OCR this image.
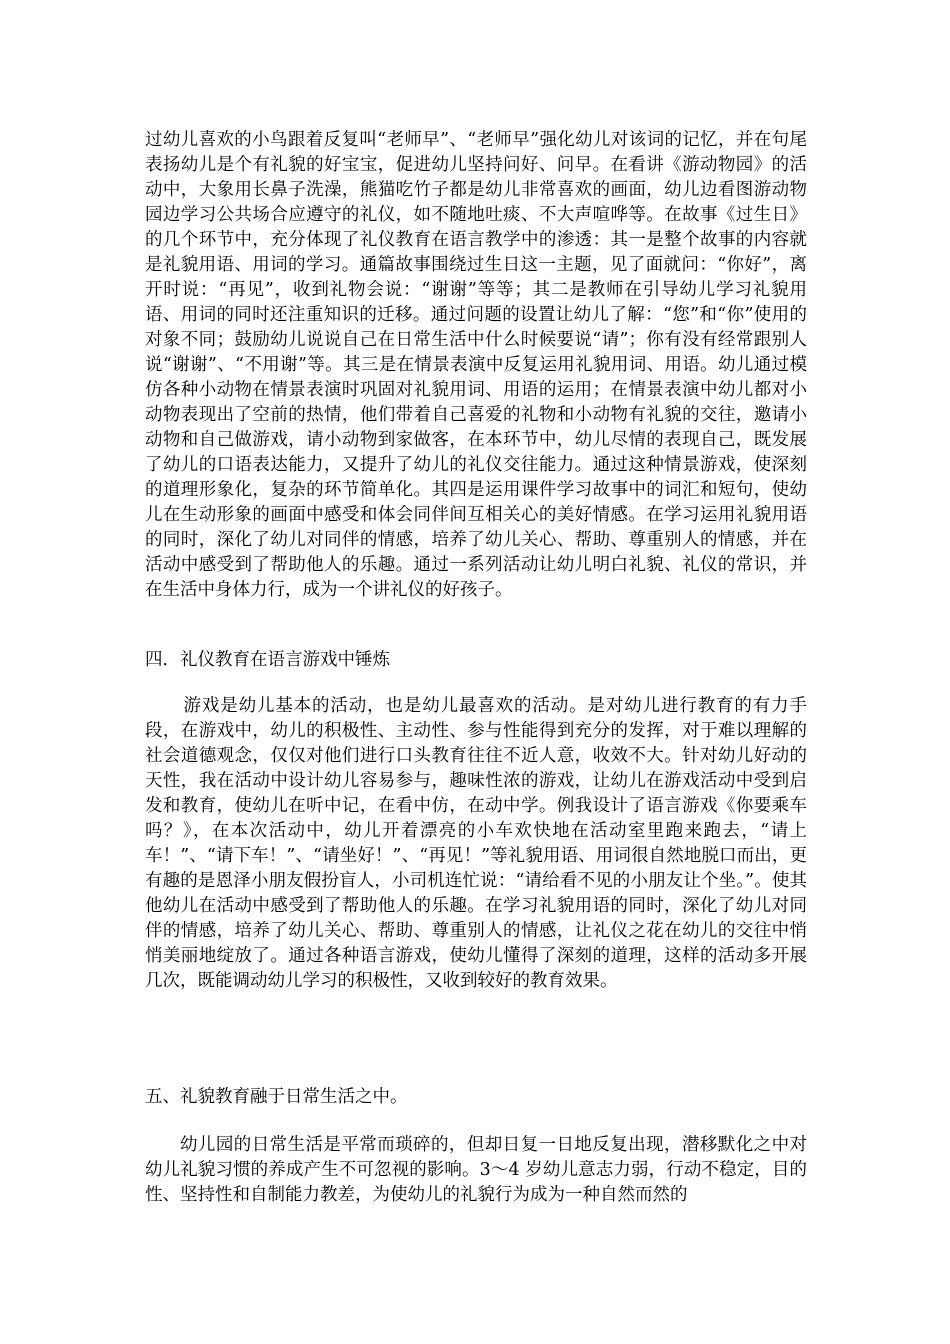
过幼儿喜欢的小鸟跟着反复叫“老师早”、“老师早”强化幼儿对该词的记忆，并在句尾表扬幼儿是个有礼貌的好宝宝，促进幼儿坚持问好、问早。在看讲《游动物园》的活动中，大象用长鼻子洗澡，熊猫吃竹子都是幼儿非常喜欢的画面，幼儿边看图游动物园边学习公共场合应遵守的礼仪，如不随地吐痰、不大声喧哗等。在故事《过生日》的几个环节中，充分体现了礼仪教育在语言教学中的渗透：其一是整个故事的内容就是礼貌用语、用词的学习。通篇故事围绕过生日这一主题，见了面就问：“你好”，离开时说：“再见”，收到礼物会说：“谢谢”等等；其二是教师在引导幼儿学习礼貌用语、用词的同时还注重知识的迁移。通过问题的设置让幼儿了解：“您”和“你”使用的对象不同；鼓励幼儿说说自己在日常生活中什么时候要说“请”；你有没有经常跟别人说“谢谢”、“不用谢”等。其三是在情景表演中反复运用礼貌用词、用语。幼儿通过模仿各种小动物在情景表演时巩固对礼貌用词、用语的运用；在情景表演中幼儿都对小动物表现出了空前的热情，他们带着自己喜爱的礼物和小动物有礼貌的交往，邀请小动物和自己做游戏，请小动物到家做客，在本环节中，幼儿尽情的表现自己，既发展了幼儿的口语表达能力，又提升了幼儿的礼仪交往能力。通过这种情景游戏，使深刻的道理形象化，复杂的环节简单化。其四是运用课件学习故事中的词汇和短句，使幼儿在生动形象的画面中感受和体会同伴间互相关心的美好情感。在学习运用礼貌用语的同时，深化了幼儿对同伴的情感，培养了幼儿关心、帮助、尊重别人的情感，并在活动中感受到了帮助他人的乐趣。通过一系列活动让幼儿明白礼貌、礼仪的常识，并在生活中身体力行，成为一个讲礼仪的好孩子。

四．礼仪教育在语言游戏中锤炼

游戏是幼儿基本的活动，也是幼儿最喜欢的活动。是对幼儿进行教育的有力手段，在游戏中，幼儿的积极性、主动性、参与性能得到充分的发挥，对于难以理解的社会道德观念，仅仅对他们进行口头教育往往不近人意，收效不大。针对幼儿好动的天性，我在活动中设计幼儿容易参与，趣味性浓的游戏，让幼儿在游戏活动中受到启发和教育，使幼儿在听中记，在看中仿，在动中学。例我设计了语言游戏《你要乘车吗？》，在本次活动中，幼儿开着漂亮的小车欢快地在活动室里跑来跑去，“请上车！”、“请下车！”、“请坐好！”、“再见！”等礼貌用语、用词很自然地脱口而出，更有趣的是恩泽小朋友假扮盲人，小司机连忙说：“请给看不见的小朋友让个坐。”。使其他幼儿在活动中感受到了帮助他人的乐趣。在学习礼貌用语的同时，深化了幼儿对同伴的情感，培养了幼儿关心、帮助、尊重别人的情感，让礼仪之花在幼儿的交往中悄悄美丽地绽放了。通过各种语言游戏，使幼儿懂得了深刻的道理，这样的活动多开展几次，既能调动幼儿学习的积极性，又收到较好的教育效果。

五、礼貌教育融于日常生活之中。

幼儿园的日常生活是平常而琐碎的，但却日复一日地反复出现，潜移默化之中对幼儿礼貌习惯的养成产生不可忽视的影响。3～4 岁幼儿意志力弱，行动不稳定，目的性、坚持性和自制能力教差，为使幼儿的礼貌行为成为一种自然而然的
